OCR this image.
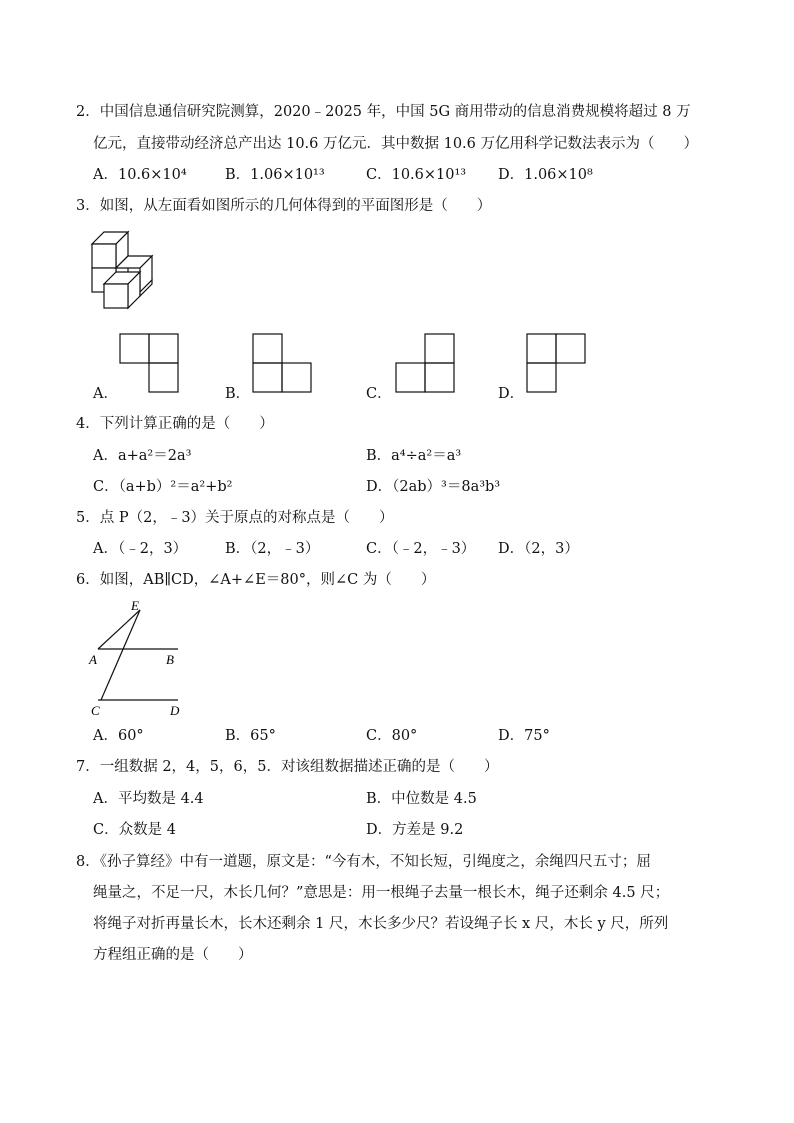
2．中国信息通信研究院测算，2020﹣2025 年，中国 5G 商用带动的信息消费规模将超过 8 万
亿元，直接带动经济总产出达 10.6 万亿元．其中数据 10.6 万亿用科学记数法表示为（　　）
A．10.6×10⁴	B．1.06×10¹³	C．10.6×10¹³ D．1.06×10⁸
3．如图，从左面看如图所示的几何体得到的平面图形是（　　）
A．	B．	C．	D．
4．下列计算正确的是（　　）
A．a+a²＝2a³	B．a⁴÷a²＝a³
C．（a+b）²＝a²+b²	D．（2ab）³＝8a³b³
5．点 P（2，﹣3）关于原点的对称点是（　　）
A．（﹣2，3）	B．（2，﹣3）	C．（﹣2，﹣3） D．（2，3）
6．如图，AB∥CD，∠A+∠E＝80°，则∠C 为（　　）
E
A	B
C	D
A．60°	B．65°	C．80°	D．75°
7．一组数据 2，4，5，6，5．对该组数据描述正确的是（　　）
A．平均数是 4.4	B．中位数是 4.5
C．众数是 4	D．方差是 9.2
8．《孙子算经》中有一道题，原文是：“今有木，不知长短，引绳度之，余绳四尺五寸；屈
绳量之，不足一尺，木长几何？”意思是：用一根绳子去量一根长木，绳子还剩余 4.5 尺；
将绳子对折再量长木，长木还剩余 1 尺，木长多少尺？若设绳子长 x 尺，木长 y 尺，所列
方程组正确的是（　　）
